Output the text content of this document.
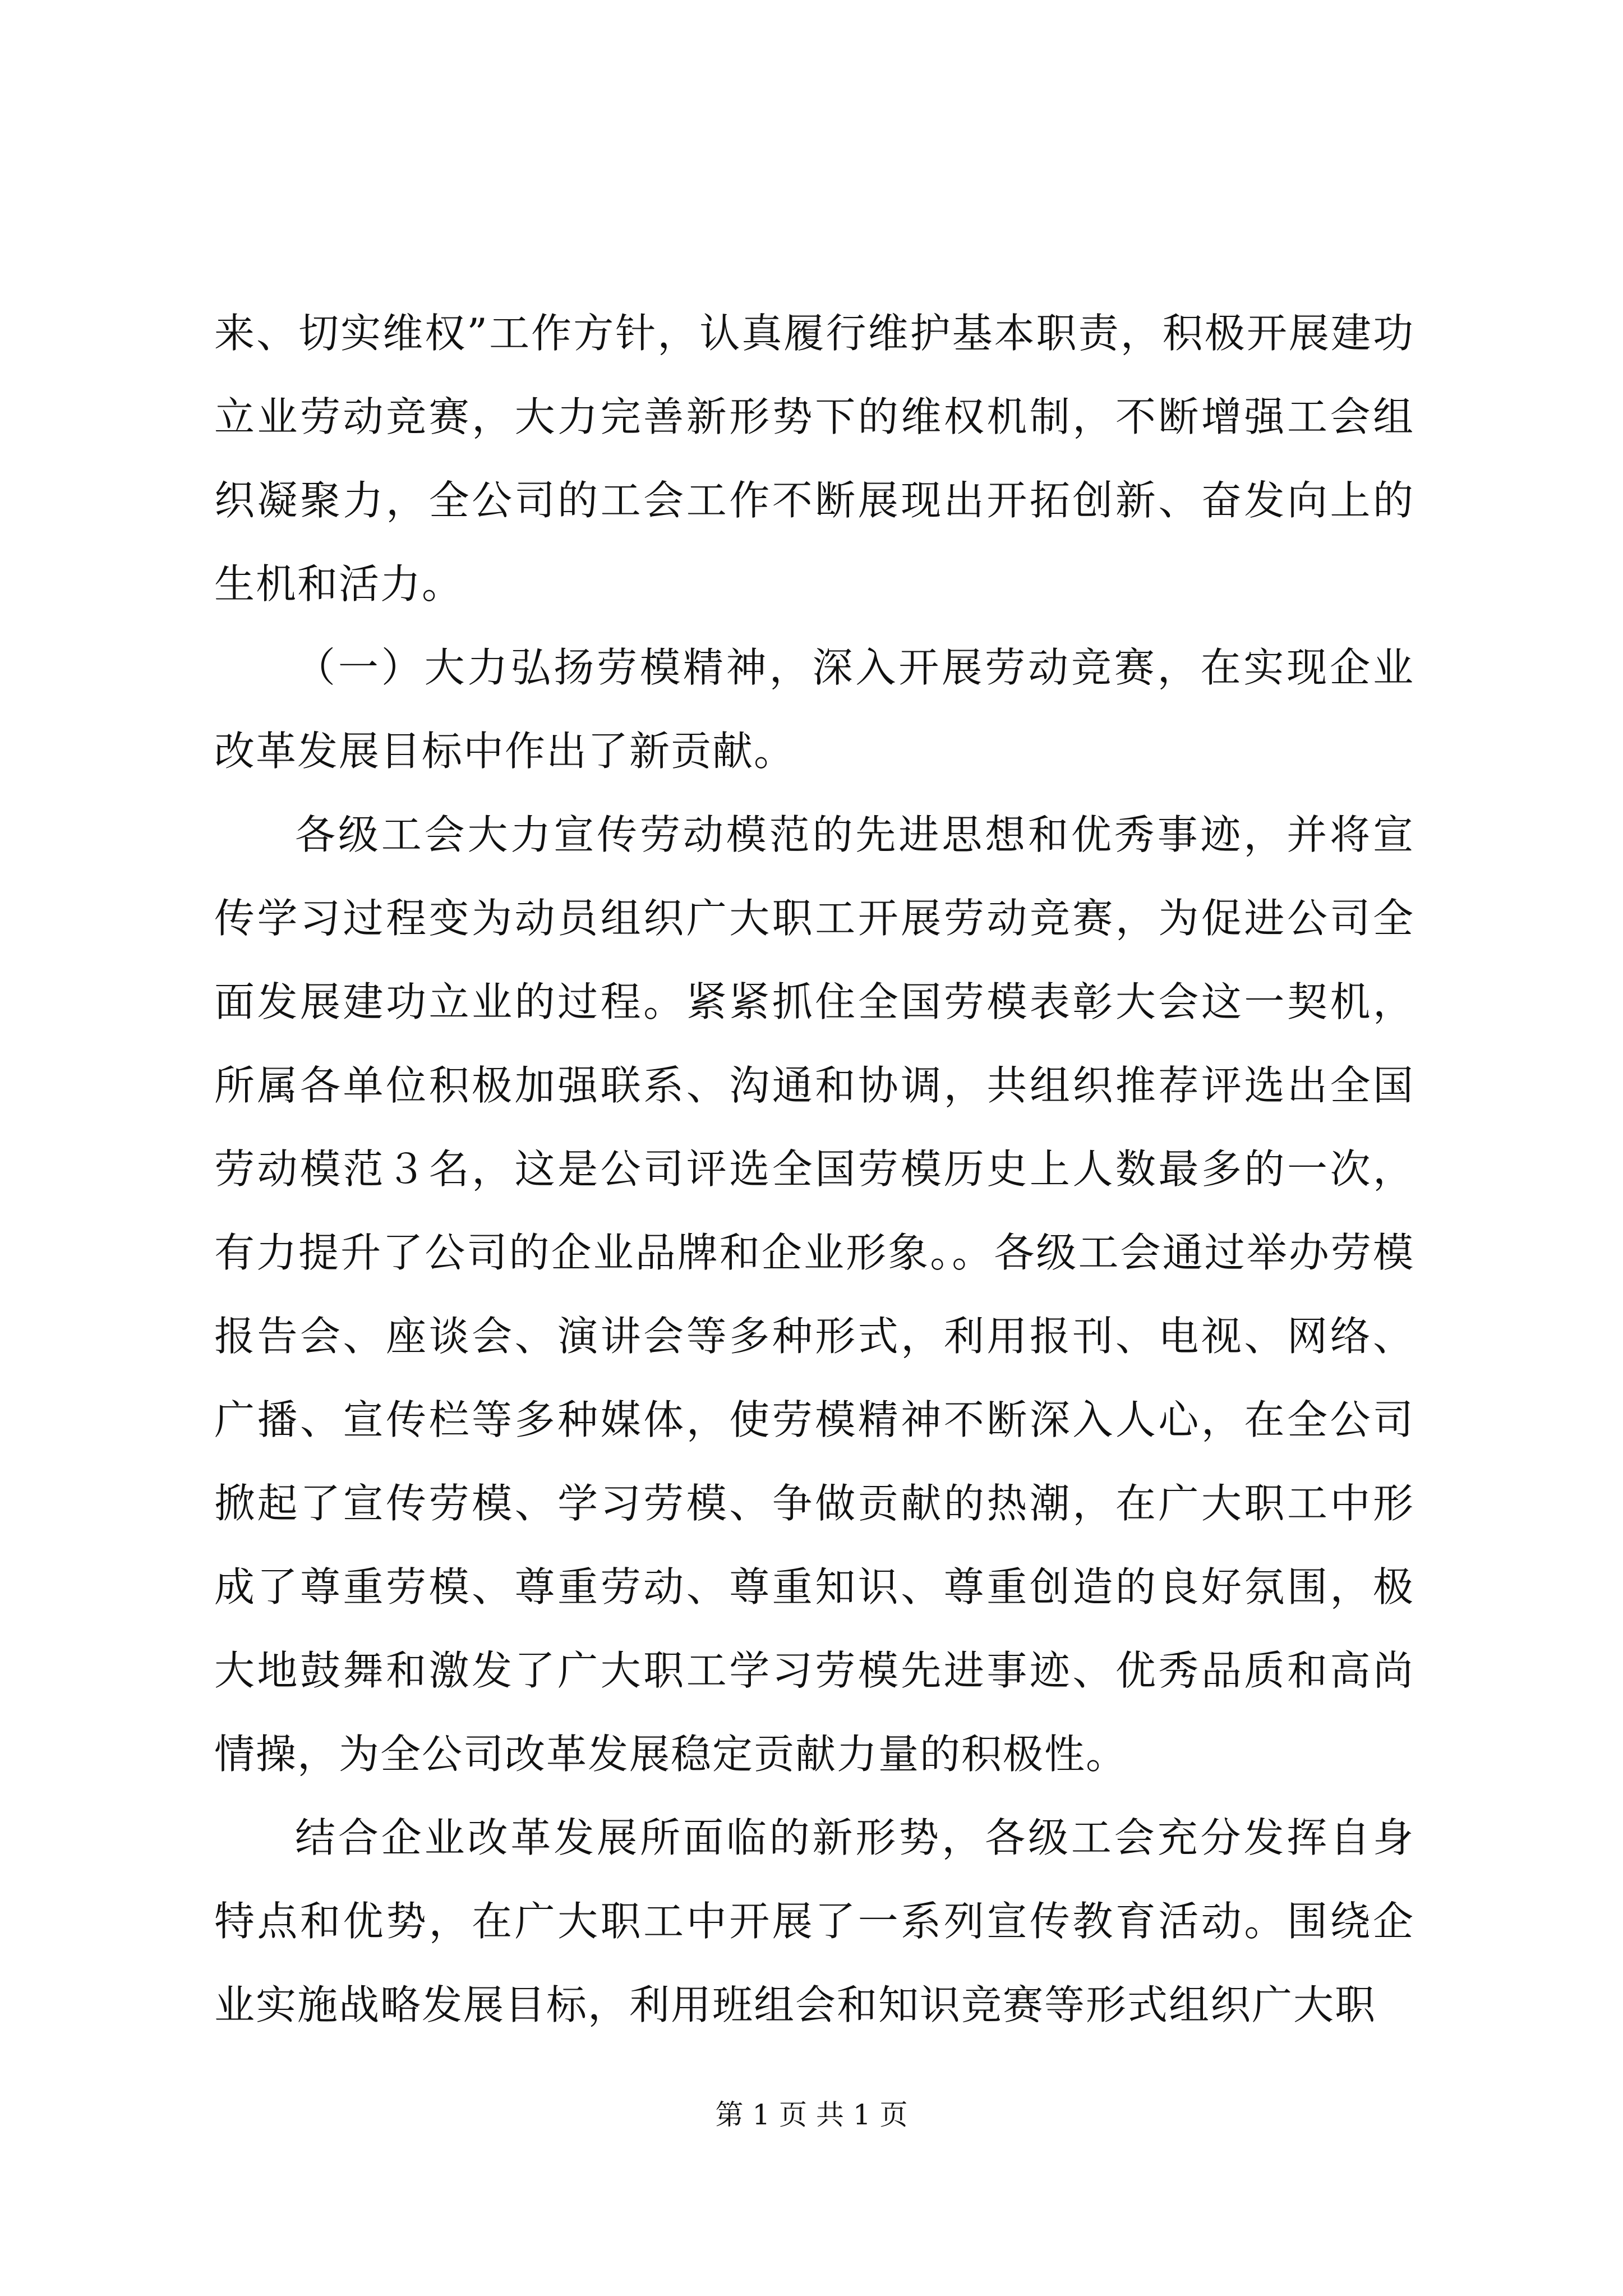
来、切实维权”工作方针，认真履行维护基本职责，积极开展建功立业劳动竞赛，大力完善新形势下的维权机制，不断增强工会组织凝聚力，全公司的工会工作不断展现出开拓创新、奋发向上的生机和活力。

（一）大力弘扬劳模精神，深入开展劳动竞赛，在实现企业改革发展目标中作出了新贡献。

各级工会大力宣传劳动模范的先进思想和优秀事迹，并将宣传学习过程变为动员组织广大职工开展劳动竞赛，为促进公司全面发展建功立业的过程。紧紧抓住全国劳模表彰大会这一契机，所属各单位积极加强联系、沟通和协调，共组织推荐评选出全国劳动模范３名，这是公司评选全国劳模历史上人数最多的一次，有力提升了公司的企业品牌和企业形象。。各级工会通过举办劳模报告会、座谈会、演讲会等多种形式，利用报刊、电视、网络、广播、宣传栏等多种媒体，使劳模精神不断深入人心，在全公司掀起了宣传劳模、学习劳模、争做贡献的热潮，在广大职工中形成了尊重劳模、尊重劳动、尊重知识、尊重创造的良好氛围，极大地鼓舞和激发了广大职工学习劳模先进事迹、优秀品质和高尚情操，为全公司改革发展稳定贡献力量的积极性。

结合企业改革发展所面临的新形势，各级工会充分发挥自身特点和优势，在广大职工中开展了一系列宣传教育活动。围绕企业实施战略发展目标，利用班组会和知识竞赛等形式组织广大职

第 1 页 共 1 页
